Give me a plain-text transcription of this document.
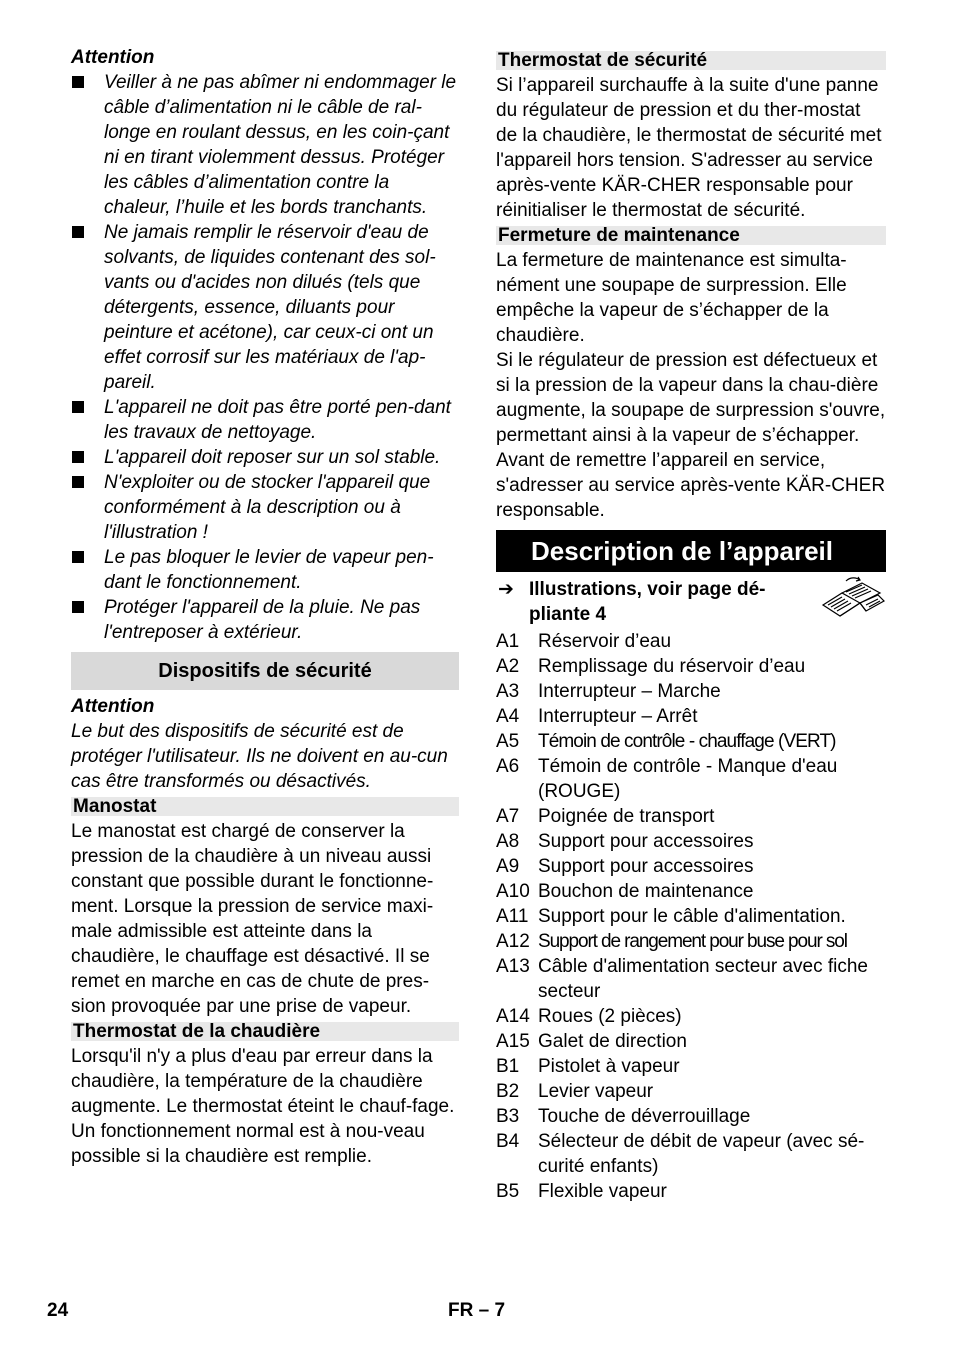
Attention

Veiller à ne pas abîmer ni endommager le câble d’alimentation ni le câble de ral-longe en roulant dessus, en les coin-çant ni en tirant violemment dessus. Protéger les câbles d’alimentation contre la chaleur, l’huile et les bords tranchants.
Ne jamais remplir le réservoir d'eau de solvants, de liquides contenant des sol-vants ou d'acides non dilués (tels que détergents, essence, diluants pour peinture et acétone), car ceux-ci ont un effet corrosif sur les matériaux de l'ap-pareil.
L'appareil ne doit pas être porté pen-dant les travaux de nettoyage.
L'appareil doit reposer sur un sol stable.
N'exploiter ou de stocker l'appareil que conformément à la description ou à l'illustration !
Le pas bloquer le levier de vapeur pen-dant le fonctionnement.
Protéger l'appareil de la pluie. Ne pas l'entreposer à extérieur.
Dispositifs de sécurité

Attention

Le but des dispositifs de sécurité est de protéger l'utilisateur. Ils ne doivent en au-cun cas être transformés ou désactivés.

Manostat

Le manostat est chargé de conserver la pression de la chaudière à un niveau aussi constant que possible durant le fonctionne-ment. Lorsque la pression de service maxi-male admissible est atteinte dans la chaudière, le chauffage est désactivé. Il se remet en marche en cas de chute de pres-sion provoquée par une prise de vapeur.

Thermostat de la chaudière

Lorsqu'il n'y a plus d'eau par erreur dans la chaudière, la température de la chaudière augmente. Le thermostat éteint le chauf-fage. Un fonctionnement normal est à nou-veau possible si la chaudière est remplie.

Thermostat de sécurité

Si l’appareil surchauffe à la suite d'une panne du régulateur de pression et du ther-mostat de la chaudière, le thermostat de sécurité met l'appareil hors tension. S'adresser au service après-vente KÄR-CHER responsable pour réinitialiser le thermostat de sécurité.

Fermeture de maintenance

La fermeture de maintenance est simulta-nément une soupape de surpression. Elle empêche la vapeur de s’échapper de la chaudière.

Si le régulateur de pression est défectueux et si la pression de la vapeur dans la chau-dière augmente, la soupape de surpression s'ouvre, permettant ainsi à la vapeur de s’échapper.

Avant de remettre l’appareil en service, s'adresser au service après-vente KÄR-CHER responsable.

Description de l’appareil
➔ Illustrations, voir page dé-pliante 4
A1 Réservoir d’eau
A2 Remplissage du réservoir d’eau
A3 Interrupteur – Marche
A4 Interrupteur – Arrêt
A5 Témoin de contrôle - chauffage (VERT)
A6 Témoin de contrôle - Manque d'eau (ROUGE)
A7 Poignée de transport
A8 Support pour accessoires
A9 Support pour accessoires
A10 Bouchon de maintenance
A11 Support pour le câble d'alimentation.
A12 Support de rangement pour buse pour sol
A13 Câble d'alimentation secteur avec fiche secteur
A14 Roues (2 pièces)
A15 Galet de direction
B1 Pistolet à vapeur
B2 Levier vapeur
B3 Touche de déverrouillage
B4 Sélecteur de débit de vapeur (avec sé-curité enfants)
B5 Flexible vapeur
24	FR – 7
